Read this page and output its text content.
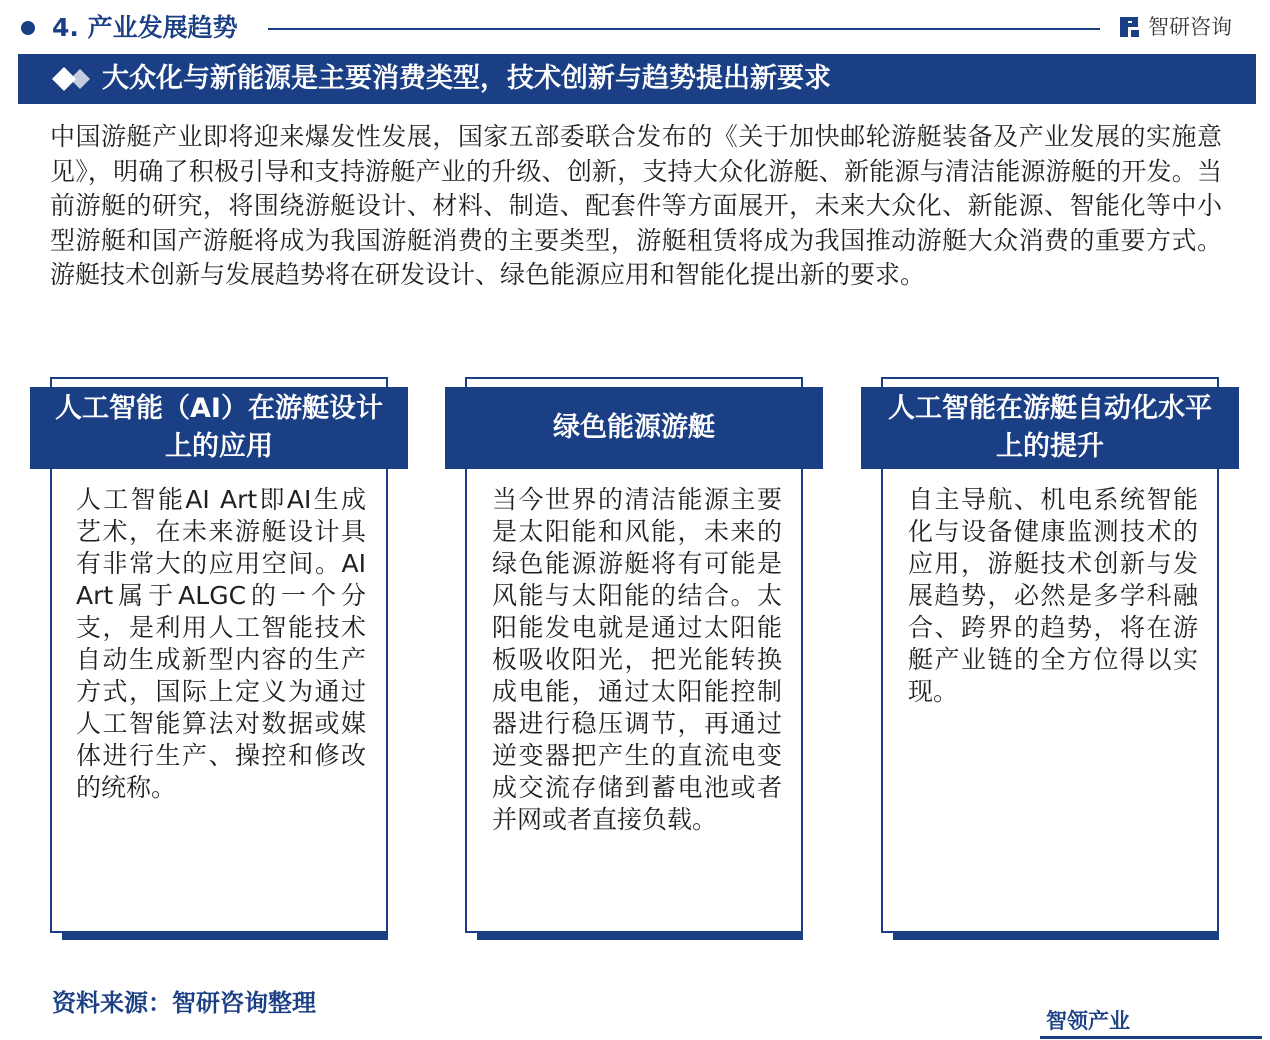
4. 产业发展趋势	智研咨询
大众化与新能源是主要消费类型，技术创新与趋势提出新要求

中国游艇产业即将迎来爆发性发展，国家五部委联合发布的《关于加快邮轮游艇装备及产业发展的实施意见》，明确了积极引导和支持游艇产业的升级、创新，支持大众化游艇、新能源与清洁能源游艇的开发。当前游艇的研究，将围绕游艇设计、材料、制造、配套件等方面展开，未来大众化、新能源、智能化等中小型游艇和国产游艇将成为我国游艇消费的主要类型，游艇租赁将成为我国推动游艇大众消费的重要方式。游艇技术创新与发展趋势将在研发设计、绿色能源应用和智能化提出新的要求。

人工智能（AI）在游艇设计上的应用

人工智能AI Art即AI生成艺术，在未来游艇设计具有非常大的应用空间。AI Art属于ALGC的一个分支，是利用人工智能技术自动生成新型内容的生产方式，国际上定义为通过人工智能算法对数据或媒体进行生产、操控和修改的统称。

绿色能源游艇

当今世界的清洁能源主要是太阳能和风能，未来的绿色能源游艇将有可能是风能与太阳能的结合。太阳能发电就是通过太阳能板吸收阳光，把光能转换成电能，通过太阳能控制器进行稳压调节，再通过逆变器把产生的直流电变成交流存储到蓄电池或者并网或者直接负载。

人工智能在游艇自动化水平上的提升

自主导航、机电系统智能化与设备健康监测技术的应用，游艇技术创新与发展趋势，必然是多学科融合、跨界的趋势，将在游艇产业链的全方位得以实现。

资料来源：智研咨询整理
智领产业
